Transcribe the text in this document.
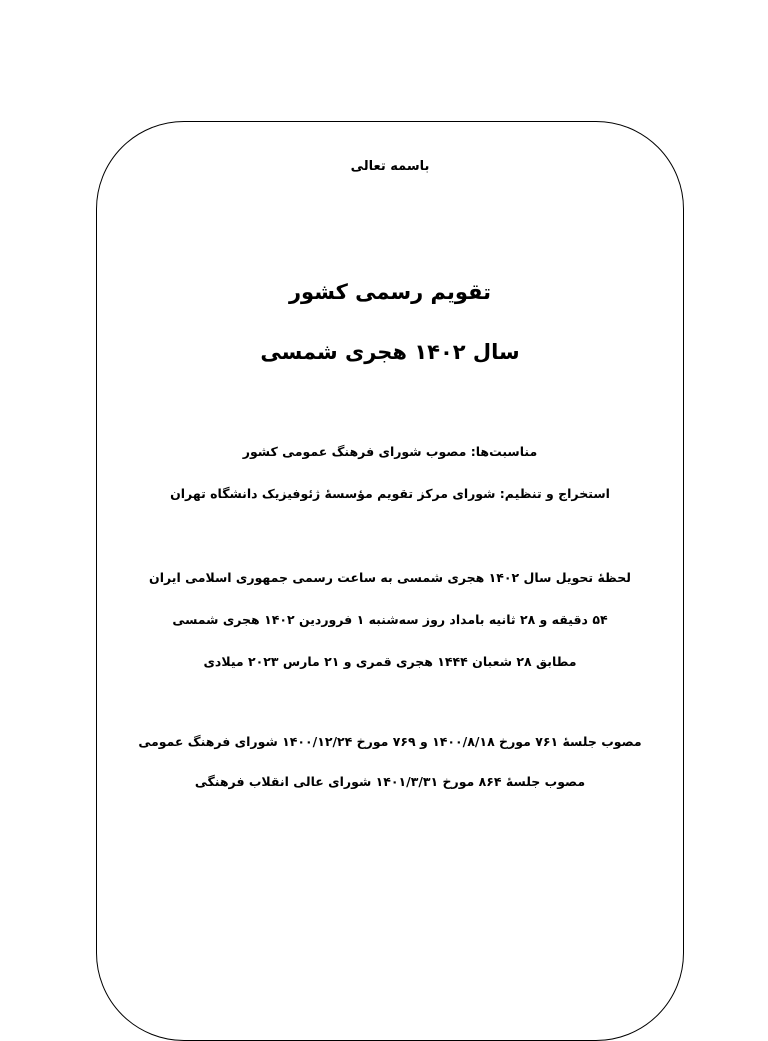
باسمه تعالی
تقویم رسمی کشور
سال ۱۴۰۲ هجری شمسی
مناسبت‌ها: مصوب شورای فرهنگ عمومی کشور
استخراج و تنظیم: شورای مرکز تقویم مؤسسهٔ ژئوفیزیک دانشگاه تهران
لحظهٔ تحویل سال ۱۴۰۲ هجری شمسی به ساعت رسمی جمهوری اسلامی ایران
۵۴ دقیقه و ۲۸ ثانیه بامداد روز سه‌شنبه ۱ فروردین ۱۴۰۲ هجری شمسی
مطابق ۲۸ شعبان ۱۴۴۴ هجری قمری و ۲۱ مارس ۲۰۲۳ میلادی
مصوب جلسهٔ ۷۶۱ مورخ ۱۴۰۰/۸/۱۸ و ۷۶۹ مورخ ۱۴۰۰/۱۲/۲۴ شورای فرهنگ عمومی
مصوب جلسهٔ ۸۶۴ مورخ ۱۴۰۱/۳/۳۱ شورای عالی انقلاب فرهنگی
